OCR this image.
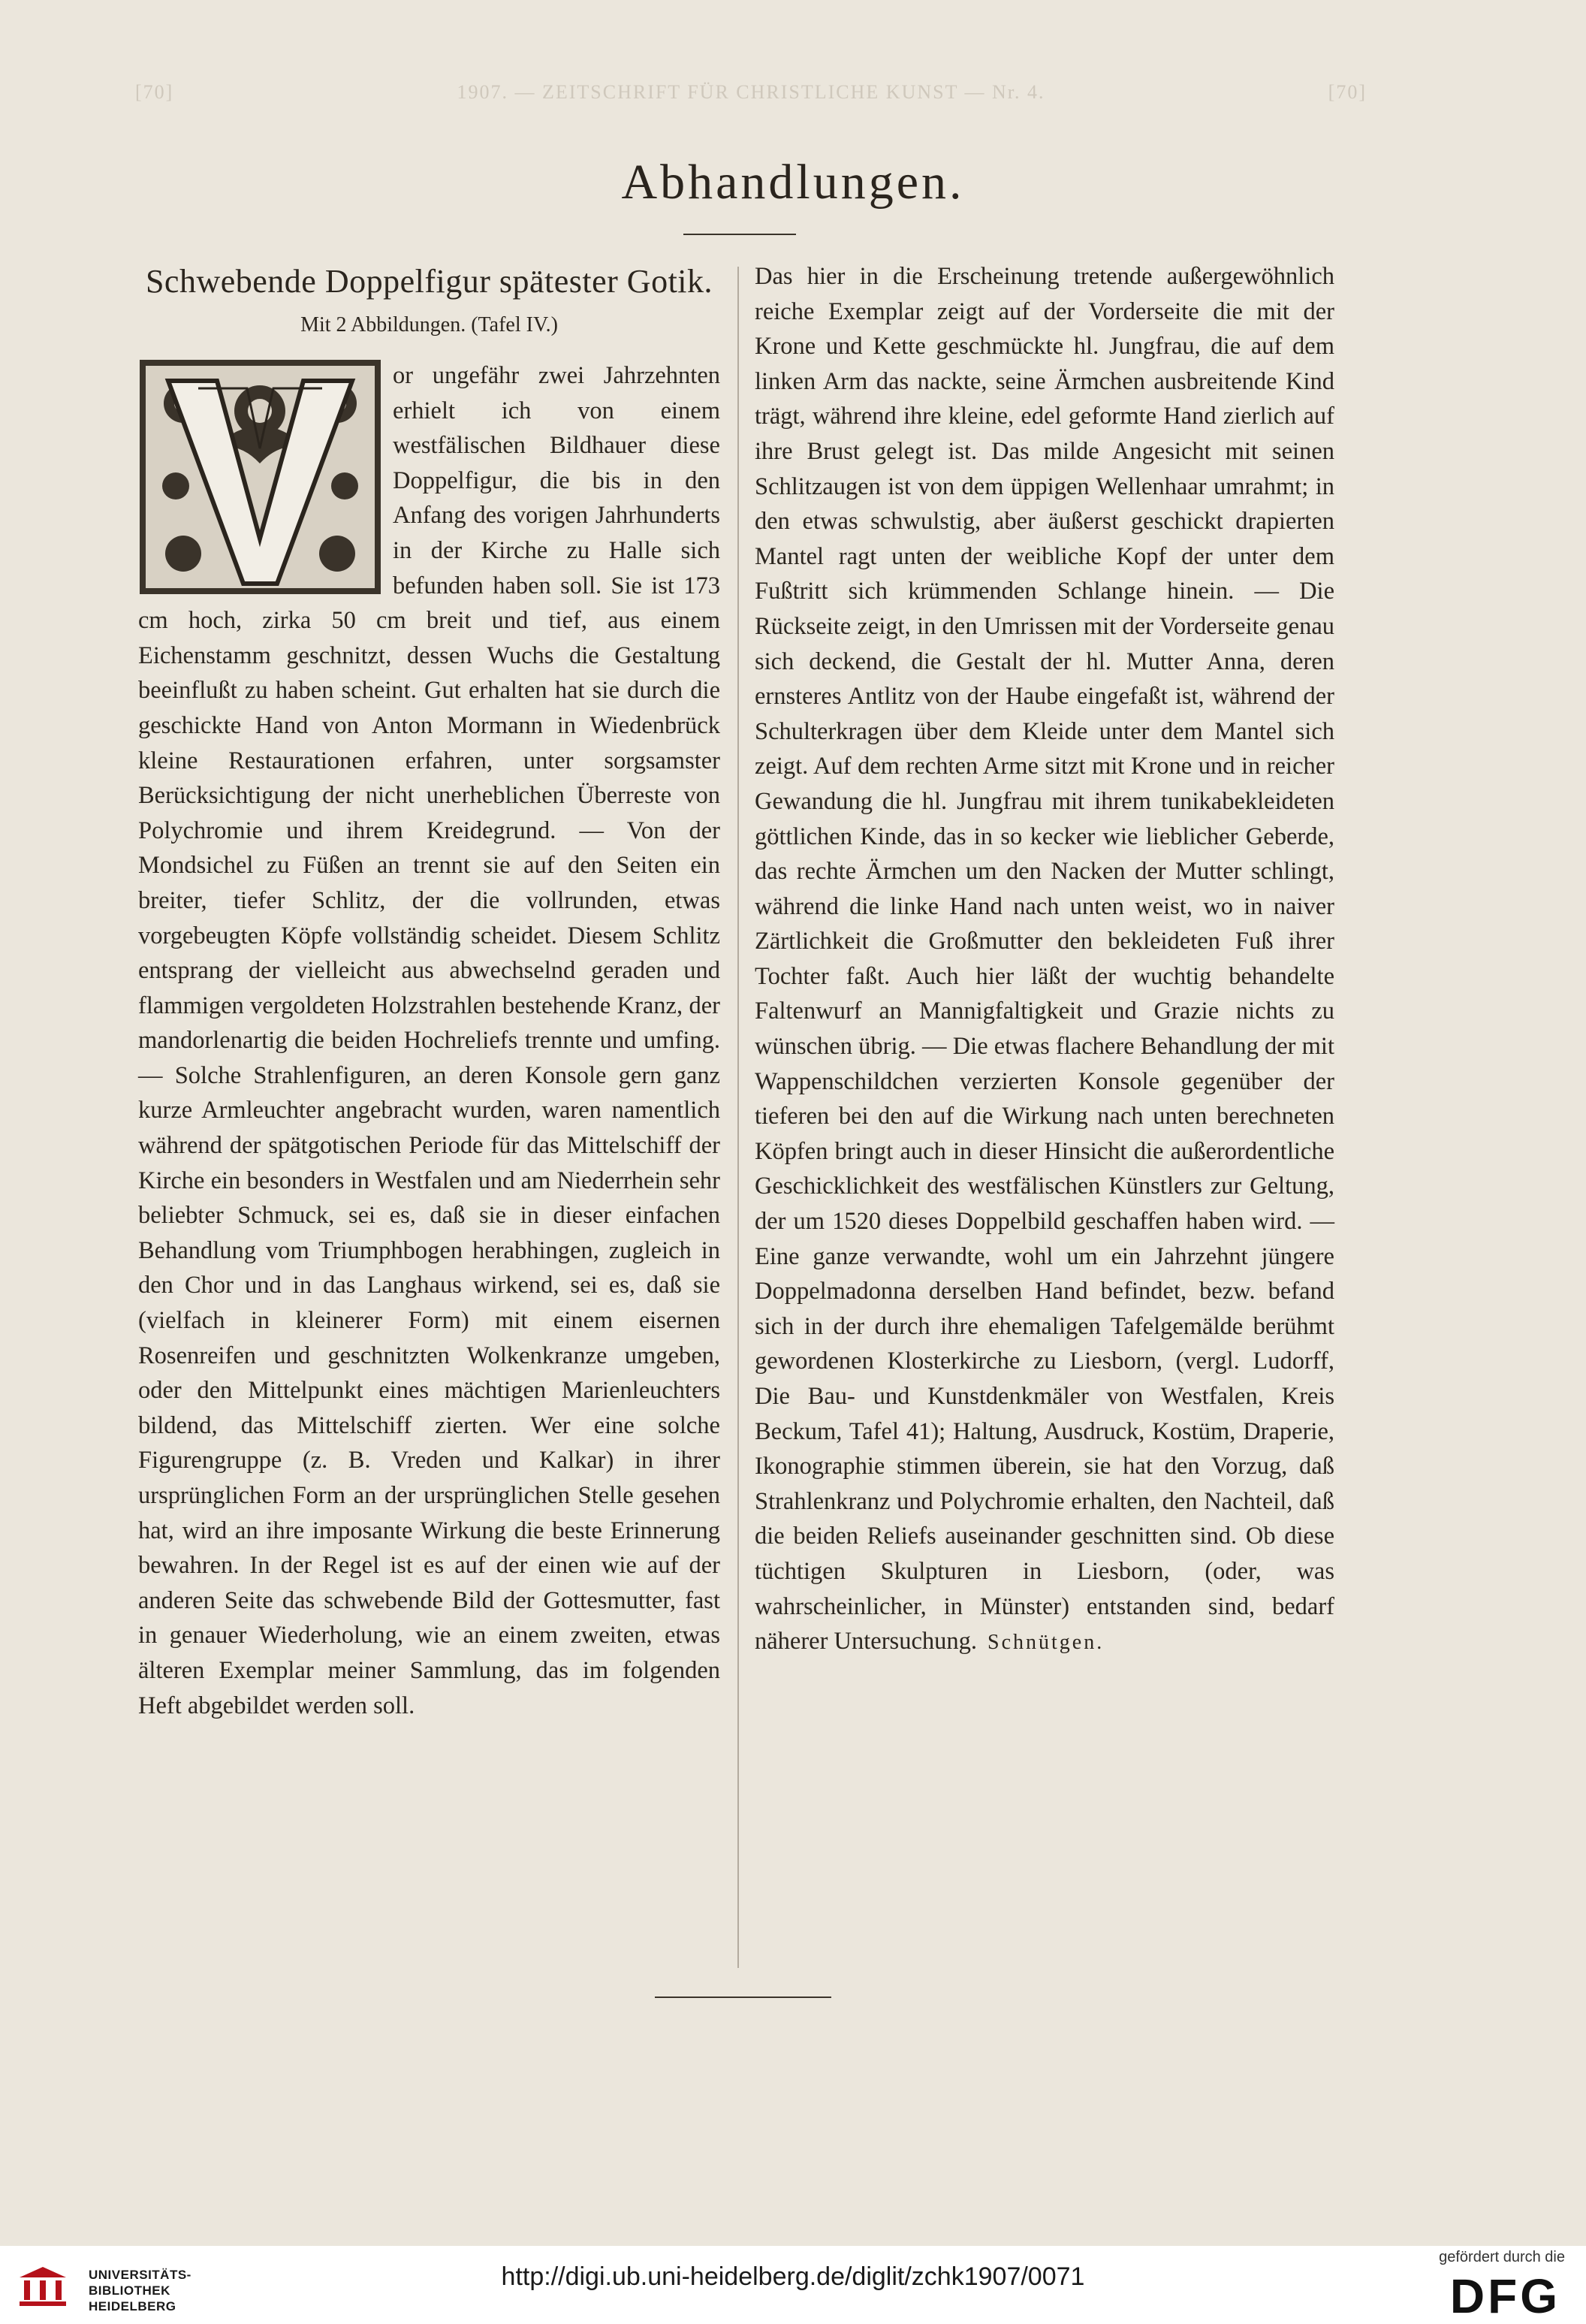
[70]	1907. — ZEITSCHRIFT FÜR CHRISTLICHE KUNST — Nr. 4.	[70]
Abhandlungen.
Schwebende Doppelfigur spätester Gotik.
Mit 2 Abbildungen. (Tafel IV.)

or ungefähr zwei Jahrzehnten erhielt ich von einem westfälischen Bildhauer diese Doppelfigur, die bis in den Anfang des vorigen Jahrhunderts in der Kirche zu Halle sich befunden haben soll. Sie ist 173 cm hoch, zirka 50 cm breit und tief, aus einem Eichenstamm geschnitzt, dessen Wuchs die Gestaltung beeinflußt zu haben scheint. Gut erhalten hat sie durch die geschickte Hand von Anton Mormann in Wiedenbrück kleine Restaurationen erfahren, unter sorgsamster Berücksichtigung der nicht unerheblichen Überreste von Polychromie und ihrem Kreidegrund. — Von der Mondsichel zu Füßen an trennt sie auf den Seiten ein breiter, tiefer Schlitz, der die vollrunden, etwas vorgebeugten Köpfe vollständig scheidet. Diesem Schlitz entsprang der vielleicht aus abwechselnd geraden und flammigen vergoldeten Holzstrahlen bestehende Kranz, der mandorlenartig die beiden Hochreliefs trennte und umfing. — Solche Strahlenfiguren, an deren Konsole gern ganz kurze Armleuchter angebracht wurden, waren namentlich während der spätgotischen Periode für das Mittelschiff der Kirche ein besonders in Westfalen und am Niederrhein sehr beliebter Schmuck, sei es, daß sie in dieser einfachen Behandlung vom Triumphbogen herabhingen, zugleich in den Chor und in das Langhaus wirkend, sei es, daß sie (vielfach in kleinerer Form) mit einem eisernen Rosenreifen und geschnitzten Wolkenkranze umgeben, oder den Mittelpunkt eines mächtigen Marienleuchters bildend, das Mittelschiff zierten. Wer eine solche Figurengruppe (z. B. Vreden und Kalkar) in ihrer ursprünglichen Form an der ursprünglichen Stelle gesehen hat, wird an ihre imposante Wirkung die beste Erinnerung bewahren. In der Regel ist es auf der einen wie auf der anderen Seite das schwebende Bild der Gottesmutter, fast in genauer Wiederholung, wie an einem zweiten, etwas älteren Exemplar meiner Sammlung, das im folgenden Heft abgebildet werden soll.

Das hier in die Erscheinung tretende außergewöhnlich reiche Exemplar zeigt auf der Vorderseite die mit der Krone und Kette geschmückte hl. Jungfrau, die auf dem linken Arm das nackte, seine Ärmchen ausbreitende Kind trägt, während ihre kleine, edel geformte Hand zierlich auf ihre Brust gelegt ist. Das milde Angesicht mit seinen Schlitzaugen ist von dem üppigen Wellenhaar umrahmt; in den etwas schwulstig, aber äußerst geschickt drapierten Mantel ragt unten der weibliche Kopf der unter dem Fußtritt sich krümmenden Schlange hinein. — Die Rückseite zeigt, in den Umrissen mit der Vorderseite genau sich deckend, die Gestalt der hl. Mutter Anna, deren ernsteres Antlitz von der Haube eingefaßt ist, während der Schulterkragen über dem Kleide unter dem Mantel sich zeigt. Auf dem rechten Arme sitzt mit Krone und in reicher Gewandung die hl. Jungfrau mit ihrem tunikabekleideten göttlichen Kinde, das in so kecker wie lieblicher Geberde, das rechte Ärmchen um den Nacken der Mutter schlingt, während die linke Hand nach unten weist, wo in naiver Zärtlichkeit die Großmutter den bekleideten Fuß ihrer Tochter faßt. Auch hier läßt der wuchtig behandelte Faltenwurf an Mannigfaltigkeit und Grazie nichts zu wünschen übrig. — Die etwas flachere Behandlung der mit Wappenschildchen verzierten Konsole gegenüber der tieferen bei den auf die Wirkung nach unten berechneten Köpfen bringt auch in dieser Hinsicht die außerordentliche Geschicklichkeit des westfälischen Künstlers zur Geltung, der um 1520 dieses Doppelbild geschaffen haben wird. — Eine ganze verwandte, wohl um ein Jahrzehnt jüngere Doppelmadonna derselben Hand befindet, bezw. befand sich in der durch ihre ehemaligen Tafelgemälde berühmt gewordenen Klosterkirche zu Liesborn, (vergl. Ludorff, Die Bau- und Kunstdenkmäler von Westfalen, Kreis Beckum, Tafel 41); Haltung, Ausdruck, Kostüm, Draperie, Ikonographie stimmen überein, sie hat den Vorzug, daß Strahlenkranz und Polychromie erhalten, den Nachteil, daß die beiden Reliefs auseinander geschnitten sind. Ob diese tüchtigen Skulpturen in Liesborn, (oder, was wahrscheinlicher, in Münster) entstanden sind, bedarf näherer Untersuchung. Schnütgen.

UNIVERSITÄTS-
BIBLIOTHEK
HEIDELBERG
http://digi.ub.uni-heidelberg.de/diglit/zchk1907/0071
gefördert durch die
DFG
